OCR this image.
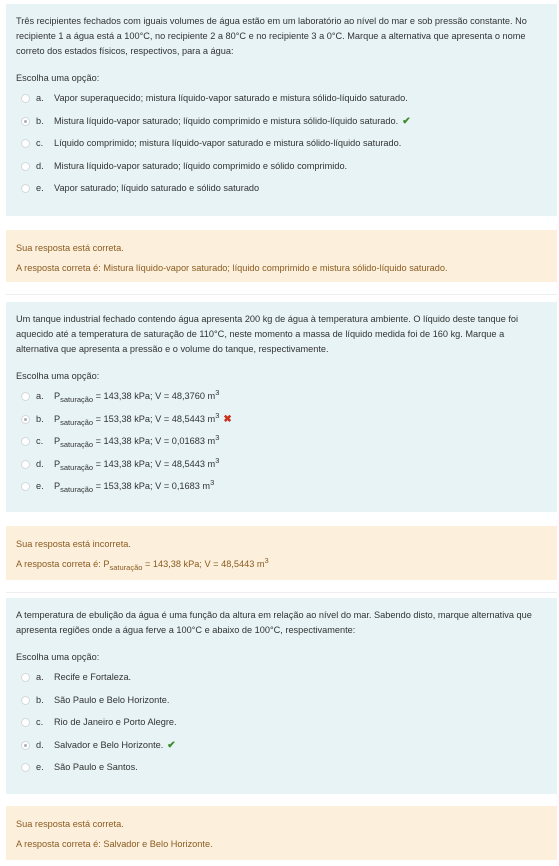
Três recipientes fechados com iguais volumes de água estão em um laboratório ao nível do mar e sob pressão constante. No recipiente 1 a água está a 100°C, no recipiente 2 a 80°C e no recipiente 3 a 0°C. Marque a alternativa que apresenta o nome correto dos estados físicos, respectivos, para a água:

Escolha uma opção:

a. Vapor superaquecido; mistura líquido-vapor saturado e mistura sólido-líquido saturado.
b. Mistura líquido-vapor saturado; líquido comprimido e mistura sólido-líquido saturado. ✔
c. Líquido comprimido; mistura líquido-vapor saturado e mistura sólido-líquido saturado.
d. Mistura líquido-vapor saturado; líquido comprimido e sólido comprimido.
e. Vapor saturado; líquido saturado e sólido saturado

Sua resposta está correta.

A resposta correta é: Mistura líquido-vapor saturado; líquido comprimido e mistura sólido-líquido saturado.

Um tanque industrial fechado contendo água apresenta 200 kg de água à temperatura ambiente. O líquido deste tanque foi aquecido até a temperatura de saturação de 110°C, neste momento a massa de líquido medida foi de 160 kg. Marque a alternativa que apresenta a pressão e o volume do tanque, respectivamente.

Escolha uma opção:

a. $P_{saturação} = 143,38$ kPa; V = 48,3760 $m^3$
b. $P_{saturação} = 153,38$ kPa; V = 48,5443 $m^3$ ✖
c. $P_{saturação} = 143,38$ kPa; V = 0,01683 $m^3$
d. $P_{saturação} = 143,38$ kPa; V = 48,5443 $m^3$
e. $P_{saturação} = 153,38$ kPa; V = 0,1683 $m^3$

Sua resposta está incorreta.

A resposta correta é: $P_{saturação} = 143,38$ kPa; V = 48,5443 $m^3$

A temperatura de ebulição da água é uma função da altura em relação ao nível do mar. Sabendo disto, marque alternativa que apresenta regiões onde a água ferve a 100°C e abaixo de 100°C, respectivamente:

Escolha uma opção:

a. Recife e Fortaleza.
b. São Paulo e Belo Horizonte.
c. Rio de Janeiro e Porto Alegre.
d. Salvador e Belo Horizonte. ✔
e. São Paulo e Santos.

Sua resposta está correta.

A resposta correta é: Salvador e Belo Horizonte.
